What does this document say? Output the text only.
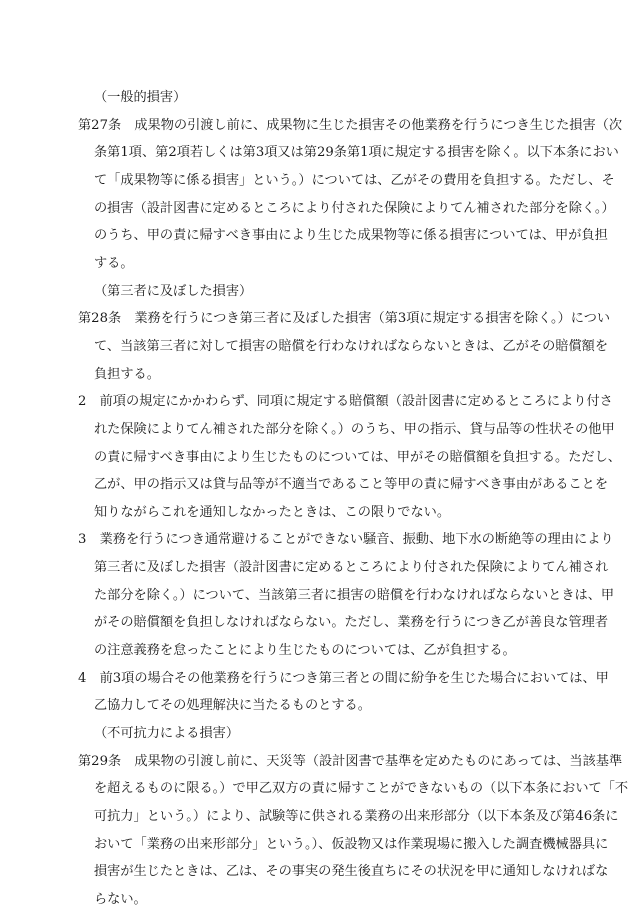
（一般的損害）
第27条　成果物の引渡し前に、成果物に生じた損害その他業務を行うにつき生じた損害（次
条第1項、第2項若しくは第3項又は第29条第1項に規定する損害を除く。以下本条におい
て「成果物等に係る損害」という。）については、乙がその費用を負担する。ただし、そ
の損害（設計図書に定めるところにより付された保険によりてん補された部分を除く。）
のうち、甲の責に帰すべき事由により生じた成果物等に係る損害については、甲が負担
する。
（第三者に及ぼした損害）
第28条　業務を行うにつき第三者に及ぼした損害（第3項に規定する損害を除く。）につい
て、当該第三者に対して損害の賠償を行わなければならないときは、乙がその賠償額を
負担する。
2　前項の規定にかかわらず、同項に規定する賠償額（設計図書に定めるところにより付さ
れた保険によりてん補された部分を除く。）のうち、甲の指示、貸与品等の性状その他甲
の責に帰すべき事由により生じたものについては、甲がその賠償額を負担する。ただし、
乙が、甲の指示又は貸与品等が不適当であること等甲の責に帰すべき事由があることを
知りながらこれを通知しなかったときは、この限りでない。
3　業務を行うにつき通常避けることができない騒音、振動、地下水の断絶等の理由により
第三者に及ぼした損害（設計図書に定めるところにより付された保険によりてん補され
た部分を除く。）について、当該第三者に損害の賠償を行わなければならないときは、甲
がその賠償額を負担しなければならない。ただし、業務を行うにつき乙が善良な管理者
の注意義務を怠ったことにより生じたものについては、乙が負担する。
4　前3項の場合その他業務を行うにつき第三者との間に紛争を生じた場合においては、甲
乙協力してその処理解決に当たるものとする。
（不可抗力による損害）
第29条　成果物の引渡し前に、天災等（設計図書で基準を定めたものにあっては、当該基準
を超えるものに限る。）で甲乙双方の責に帰すことができないもの（以下本条において「不
可抗力」という。）により、試験等に供される業務の出来形部分（以下本条及び第46条に
おいて「業務の出来形部分」という。）、仮設物又は作業現場に搬入した調査機械器具に
損害が生じたときは、乙は、その事実の発生後直ちにその状況を甲に通知しなければな
らない。
